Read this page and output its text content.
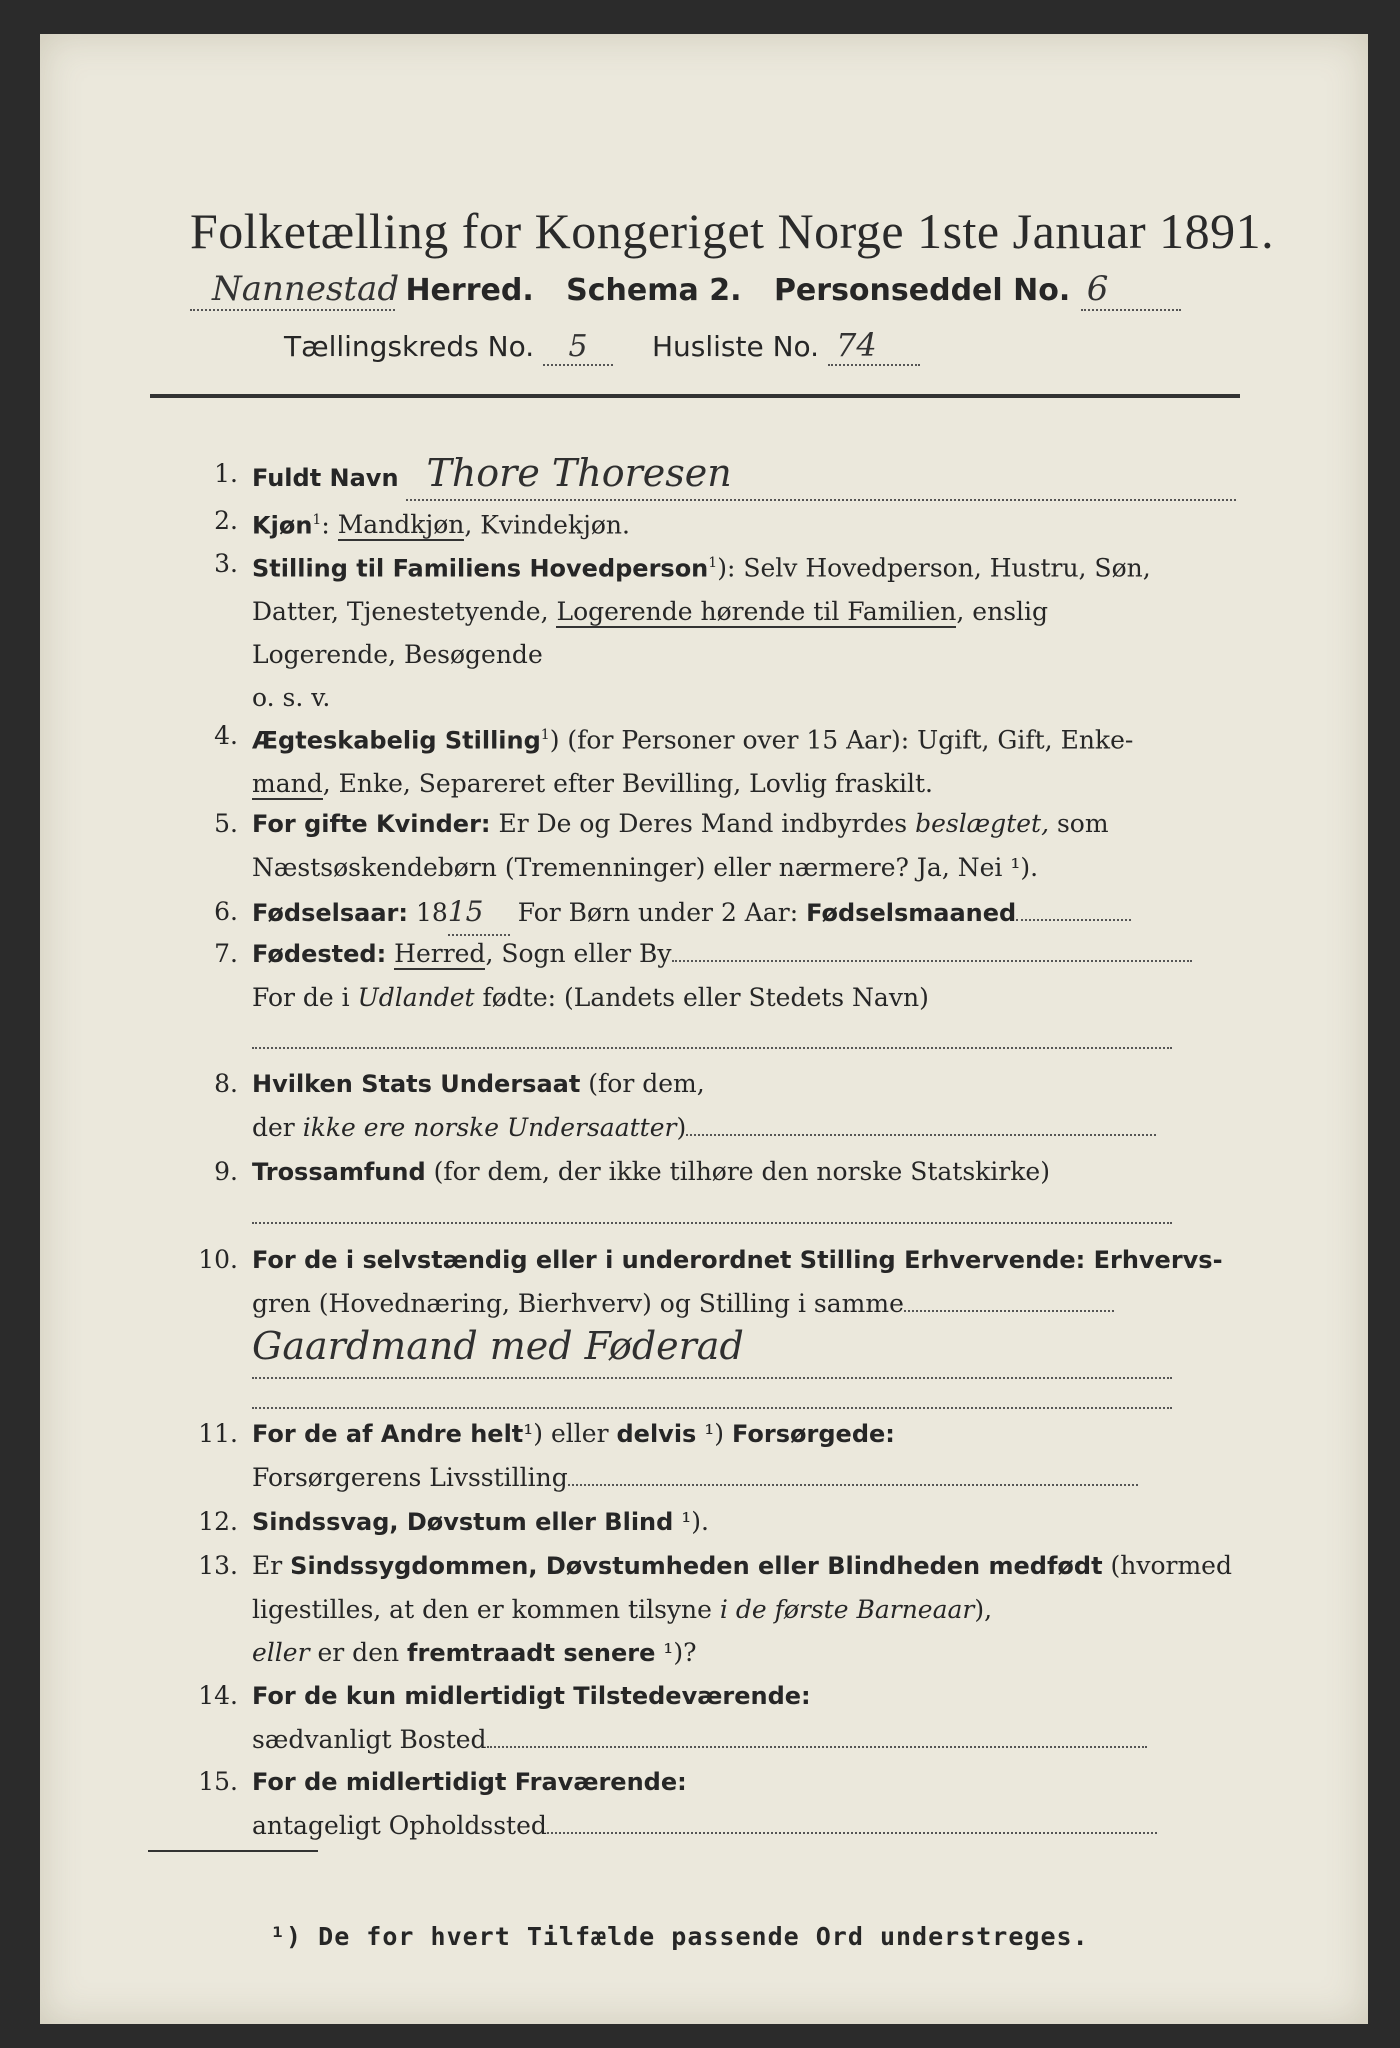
Folketælling for Kongeriget Norge 1ste Januar 1891.
Nannestad Herred. Schema 2. Personseddel No. 6
Tællingskreds No. 5 Husliste No. 74
1. Fuldt Navn Thore Thoresen
2. Kjøn$^1$: Mandkjøn, Kvindekjøn.
3. Stilling til Familiens Hovedperson$^1$): Selv Hovedperson, Hustru, Søn,
Datter, Tjenestetyende, Logerende hørende til Familien, enslig
Logerende, Besøgende
o. s. v.
4. Ægteskabelig Stilling$^1$) (for Personer over 15 Aar): Ugift, Gift, Enke-
mand, Enke, Separeret efter Bevilling, Lovlig fraskilt.
5. For gifte Kvinder: Er De og Deres Mand indbyrdes beslægtet, som
Næstsøskendebørn (Tremenninger) eller nærmere? Ja, Nei ¹).
6. Fødselsaar: 1815 For Børn under 2 Aar: Fødselsmaaned
7. Fødested: Herred, Sogn eller By
For de i Udlandet fødte: (Landets eller Stedets Navn)

8. Hvilken Stats Undersaat (for dem,
der ikke ere norske Undersaatter)
9. Trossamfund (for dem, der ikke tilhøre den norske Statskirke)

10. For de i selvstændig eller i underordnet Stilling Erhvervende: Erhvervs-
gren (Hovednæring, Bierhverv) og Stilling i samme
Gaardmand med Føderad

11. For de af Andre helt¹) eller delvis ¹) Forsørgede:
Forsørgerens Livsstilling
12. Sindssvag, Døvstum eller Blind ¹).
13. Er Sindssygdommen, Døvstumheden eller Blindheden medfødt (hvormed
ligestilles, at den er kommen tilsyne i de første Barneaar),
eller er den fremtraadt senere ¹)?
14. For de kun midlertidigt Tilstedeværende:
sædvanligt Bosted
15. For de midlertidigt Fraværende:
antageligt Opholdssted
¹) De for hvert Tilfælde passende Ord understreges.
